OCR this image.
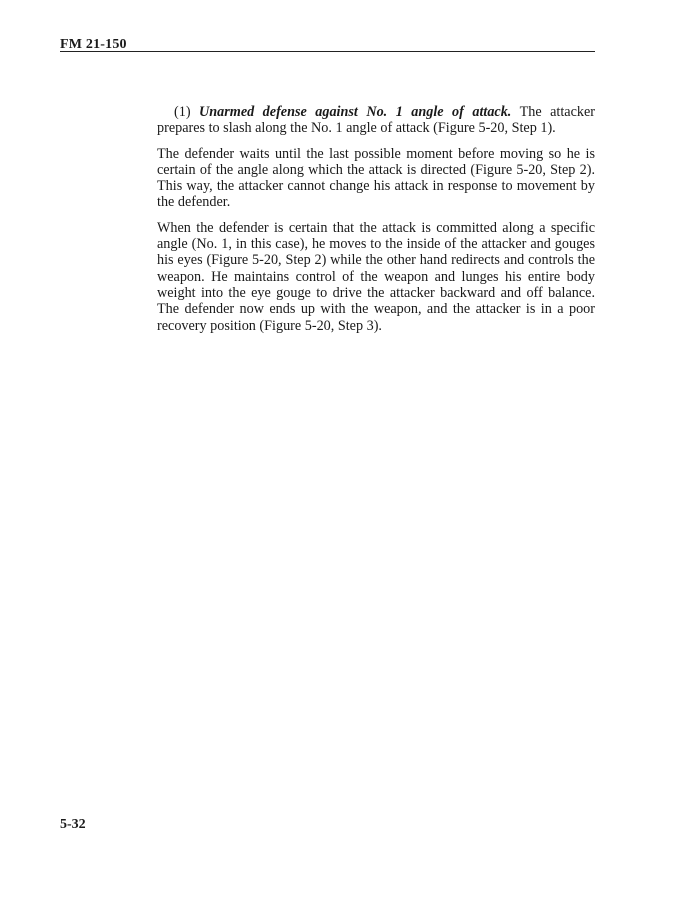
FM 21-150

(1) Unarmed defense against No. 1 angle of attack. The attacker prepares to slash along the No. 1 angle of attack (Figure 5-20, Step 1).

The defender waits until the last possible moment before moving so he is certain of the angle along which the attack is directed (Figure 5-20, Step 2). This way, the attacker cannot change his attack in response to movement by the defender.

When the defender is certain that the attack is committed along a specific angle (No. 1, in this case), he moves to the inside of the attacker and gouges his eyes (Figure 5-20, Step 2) while the other hand redirects and controls the weapon. He maintains control of the weapon and lunges his entire body weight into the eye gouge to drive the attacker backward and off balance. The defender now ends up with the weapon, and the attacker is in a poor recovery position (Figure 5-20, Step 3).

5-32
